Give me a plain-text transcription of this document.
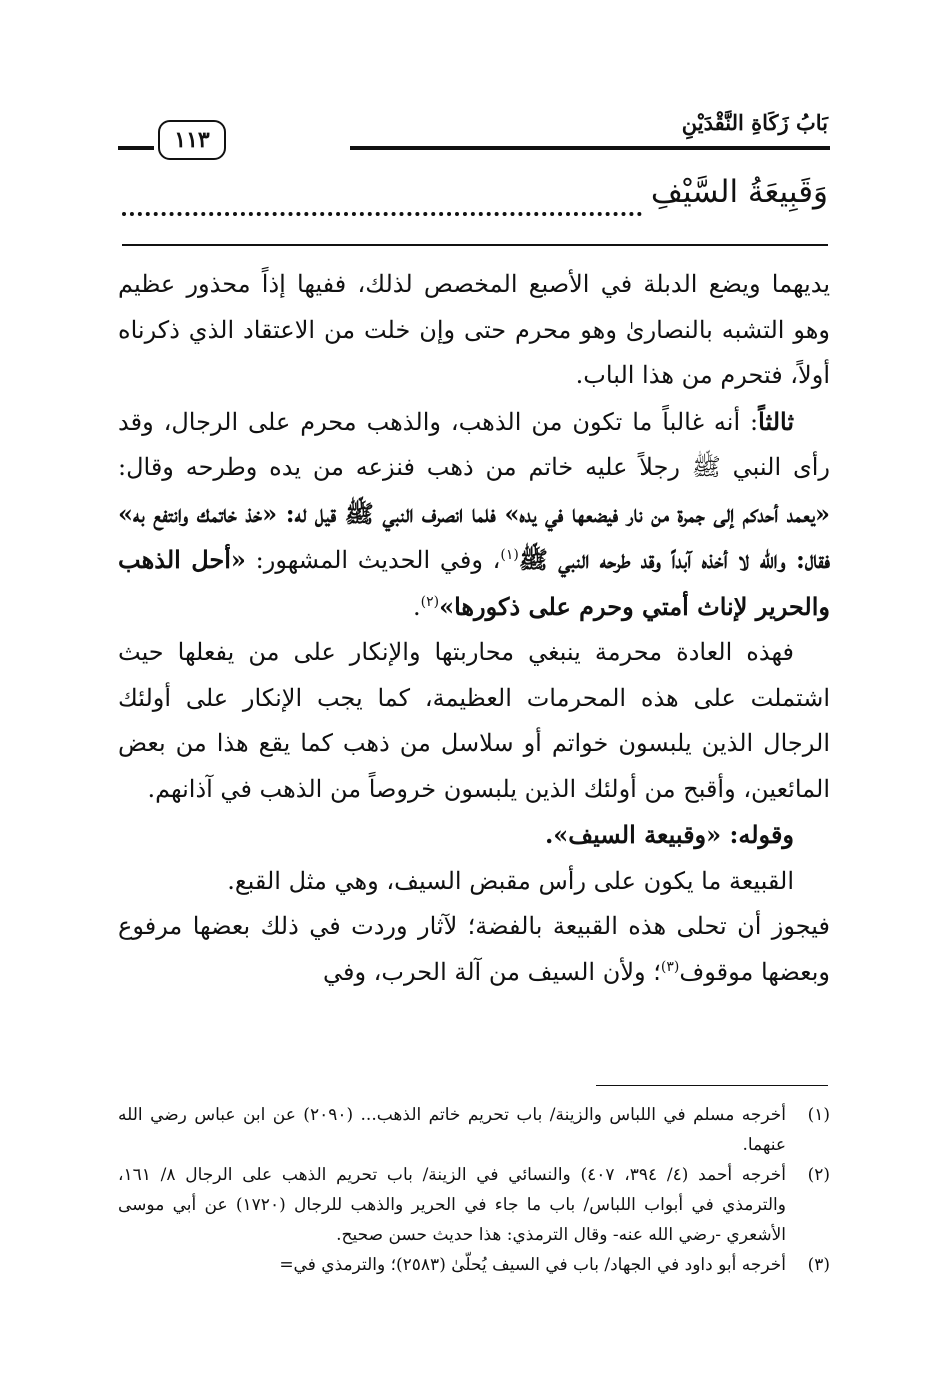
بَابُ زَكَاةِ النَّقْدَيْنِ
١١٣
وَقَبِيعَةُ السَّيْفِ

يديهما ويضع الدبلة في الأصبع المخصص لذلك، ففيها إذاً محذور عظيم وهو التشبه بالنصارىٰ وهو محرم حتى وإن خلت من الاعتقاد الذي ذكرناه أولاً، فتحرم من هذا الباب.

ثالثاً: أنه غالباً ما تكون من الذهب، والذهب محرم على الرجال، وقد رأى النبي ﷺ رجلاً عليه خاتم من ذهب فنزعه من يده وطرحه وقال: «يعمد أحدكم إلى جمرة من نار فيضعها في يده» فلما انصرف النبي ﷺ قيل له: «خذ خاتمك وانتفع به» فقال: والله لا أخذه آبداً وقد طرحه النبي ﷺ$^{(١)}$، وفي الحديث المشهور: «أحل الذهب والحرير لإناث أمتي وحرم على ذكورها»$^{(٢)}$.

فهذه العادة محرمة ينبغي محاربتها والإنكار على من يفعلها حيث اشتملت على هذه المحرمات العظيمة، كما يجب الإنكار على أولئك الرجال الذين يلبسون خواتم أو سلاسل من ذهب كما يقع هذا من بعض المائعين، وأقبح من أولئك الذين يلبسون خروصاً من الذهب في آذانهم.

وقوله: «وقبيعة السيف».

القبيعة ما يكون على رأس مقبض السيف، وهي مثل القبع.

فيجوز أن تحلى هذه القبيعة بالفضة؛ لآثار وردت في ذلك بعضها مرفوع وبعضها موقوف$^{(٣)}$؛ ولأن السيف من آلة الحرب، وفي

(١)
أخرجه مسلم في اللباس والزينة/ باب تحريم خاتم الذهب... (٢٠٩٠) عن ابن عباس رضي الله عنهما.
(٢)
أخرجه أحمد (٤/ ٣٩٤، ٤٠٧) والنسائي في الزينة/ باب تحريم الذهب على الرجال ٨/ ١٦١، والترمذي في أبواب اللباس/ باب ما جاء في الحرير والذهب للرجال (١٧٢٠) عن أبي موسى الأشعري -رضي الله عنه- وقال الترمذي: هذا حديث حسن صحيح.
(٣)
أخرجه أبو داود في الجهاد/ باب في السيف يُحلّىٰ (٢٥٨٣)؛ والترمذي في=
